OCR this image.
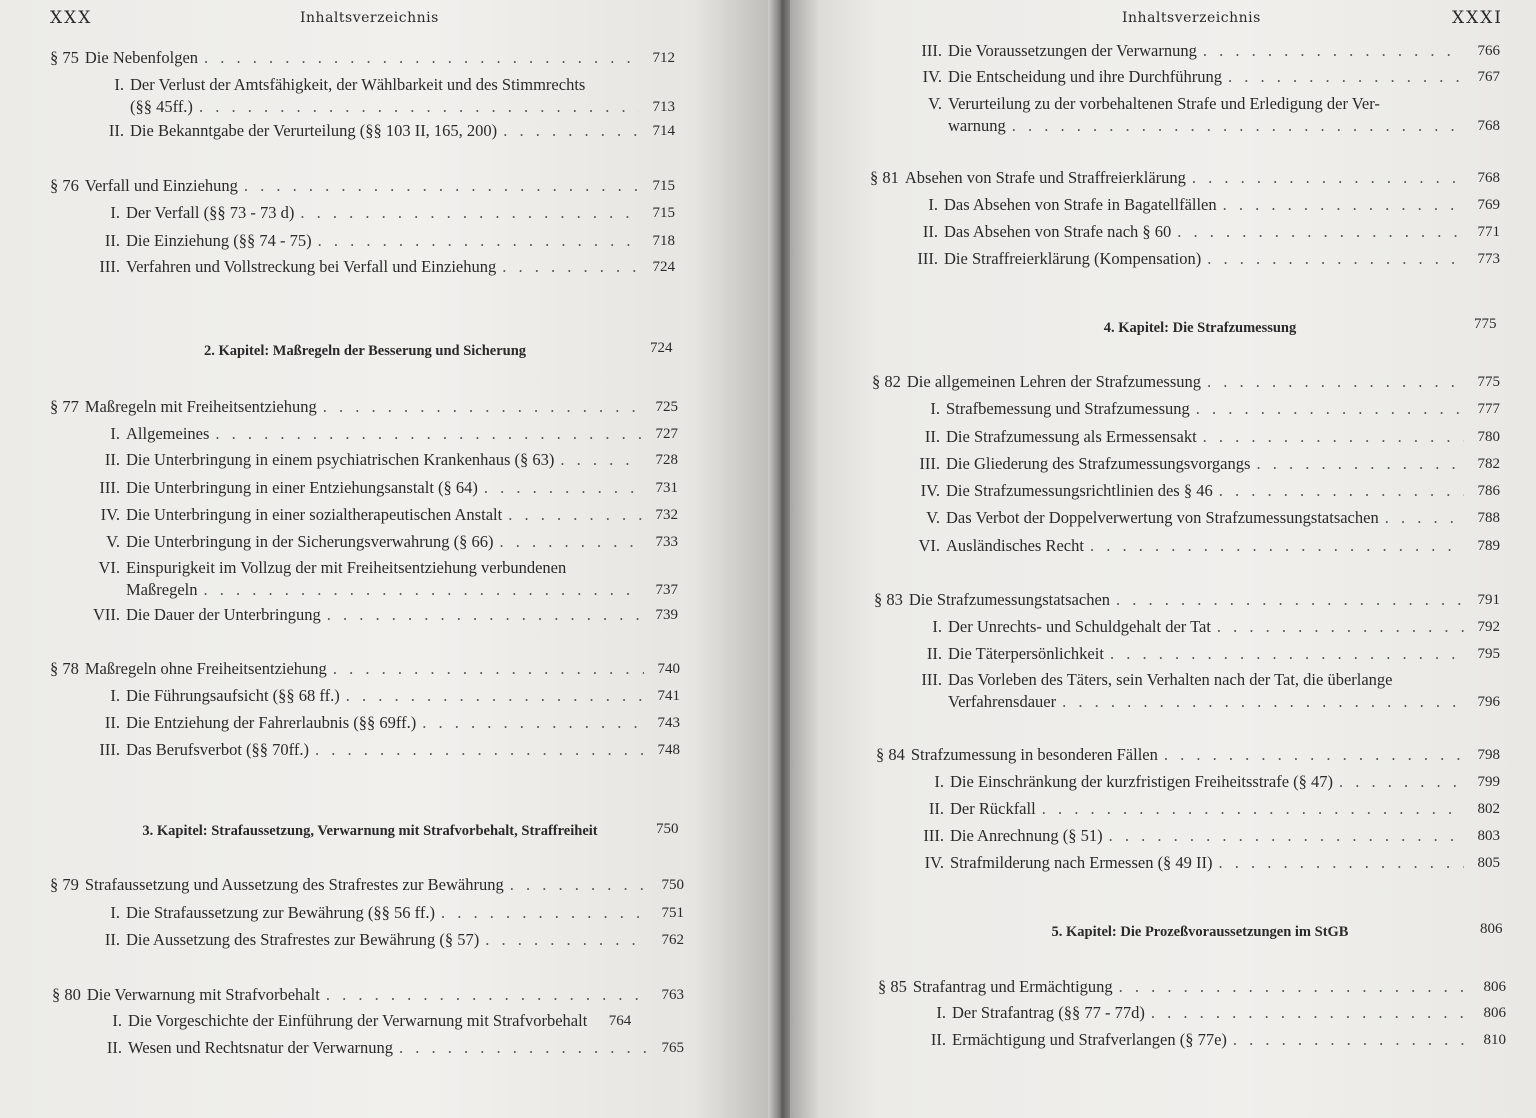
XXX	Inhaltsverzeichnis
§ 75 Die Nebenfolgen . . .	712
I. Der Verlust der Amtsfähigkeit, der Wählbarkeit und des Stimmrechts
(§§ 45ff.) . . .	713
II. Die Bekanntgabe der Verurteilung (§§ 103 II, 165, 200) . . .	714
§ 76 Verfall und Einziehung . . .	715
I. Der Verfall (§§ 73 - 73 d) . . .	715
II. Die Einziehung (§§ 74 - 75) . . .	718
III. Verfahren und Vollstreckung bei Verfall und Einziehung . . .	724
2. Kapitel: Maßregeln der Besserung und Sicherung	724
§ 77 Maßregeln mit Freiheitsentziehung . . .	725
I. Allgemeines . . .	727
II. Die Unterbringung in einem psychiatrischen Krankenhaus (§ 63) . . .	728
III. Die Unterbringung in einer Entziehungsanstalt (§ 64) . . .	731
IV. Die Unterbringung in einer sozialtherapeutischen Anstalt . . .	732
V. Die Unterbringung in der Sicherungsverwahrung (§ 66) . . .	733
VI. Einspurigkeit im Vollzug der mit Freiheitsentziehung verbundenen
Maßregeln . . .	737
VII. Die Dauer der Unterbringung . . .	739
§ 78 Maßregeln ohne Freiheitsentziehung . . .	740
I. Die Führungsaufsicht (§§ 68 ff.) . . .	741
II. Die Entziehung der Fahrerlaubnis (§§ 69ff.) . . .	743
III. Das Berufsverbot (§§ 70ff.) . . .	748
3. Kapitel: Strafaussetzung, Verwarnung mit Strafvorbehalt, Straffreiheit	750
§ 79 Strafaussetzung und Aussetzung des Strafrestes zur Bewährung . . .	750
I. Die Strafaussetzung zur Bewährung (§§ 56 ff.) . . .	751
II. Die Aussetzung des Strafrestes zur Bewährung (§ 57) . . .	762
§ 80 Die Verwarnung mit Strafvorbehalt . . .	763
I. Die Vorgeschichte der Einführung der Verwarnung mit Strafvorbehalt	764
II. Wesen und Rechtsnatur der Verwarnung . . .	765
Inhaltsverzeichnis	XXXI
III. Die Voraussetzungen der Verwarnung . . .	766
IV. Die Entscheidung und ihre Durchführung . . .	767
V. Verurteilung zu der vorbehaltenen Strafe und Erledigung der Ver-
warnung . . .	768
§ 81 Absehen von Strafe und Straffreierklärung . . .	768
I. Das Absehen von Strafe in Bagatellfällen . . .	769
II. Das Absehen von Strafe nach § 60 . . .	771
III. Die Straffreierklärung (Kompensation) . . .	773
4. Kapitel: Die Strafzumessung	775
§ 82 Die allgemeinen Lehren der Strafzumessung . . .	775
I. Strafbemessung und Strafzumessung . . .	777
II. Die Strafzumessung als Ermessensakt . . .	780
III. Die Gliederung des Strafzumessungsvorgangs . . .	782
IV. Die Strafzumessungsrichtlinien des § 46 . . .	786
V. Das Verbot der Doppelverwertung von Strafzumessungstatsachen . . .	788
VI. Ausländisches Recht . . .	789
§ 83 Die Strafzumessungstatsachen . . .	791
I. Der Unrechts- und Schuldgehalt der Tat . . .	792
II. Die Täterpersönlichkeit . . .	795
III. Das Vorleben des Täters, sein Verhalten nach der Tat, die überlange
Verfahrensdauer . . .	796
§ 84 Strafzumessung in besonderen Fällen . . .	798
I. Die Einschränkung der kurzfristigen Freiheitsstrafe (§ 47) . . .	799
II. Der Rückfall . . .	802
III. Die Anrechnung (§ 51) . . .	803
IV. Strafmilderung nach Ermessen (§ 49 II) . . .	805
5. Kapitel: Die Prozeßvoraussetzungen im StGB	806
§ 85 Strafantrag und Ermächtigung . . .	806
I. Der Strafantrag (§§ 77 - 77d) . . .	806
II. Ermächtigung und Strafverlangen (§ 77e) . . .	810
